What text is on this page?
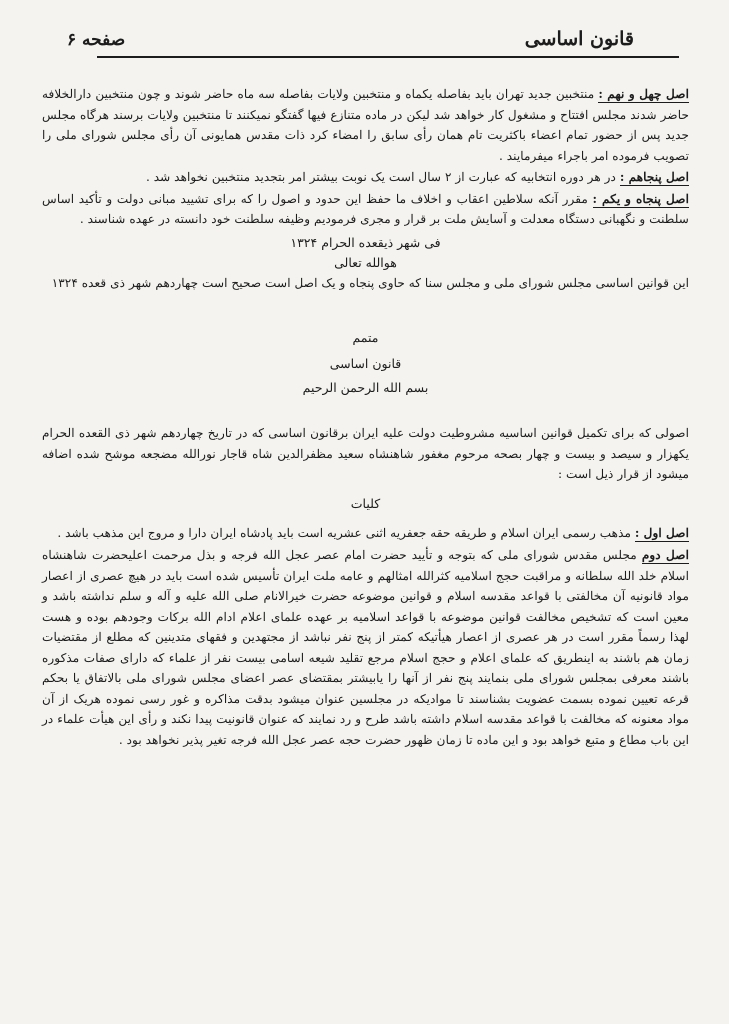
قانون اساسی
صفحه ۶

اصل چهل و نهم : منتخبین جدید تهران باید بفاصله یکماه و منتخبین ولایات بفاصله سه ماه حاضر شوند و چون منتخبین دارالخلافه حاضر شدند مجلس افتتاح و مشغول کار خواهد شد لیکن در ماده متنازع فیها گفتگو نمیکنند تا منتخبین ولایات برسند هرگاه مجلس جدید پس از حضور تمام اعضاء باکثریت تام همان رأی سابق را امضاء کرد ذات مقدس همایونی آن رأی مجلس شورای ملی را تصویب فرموده امر باجراء میفرمایند .

اصل پنجاهم : در هر دوره انتخابیه که عبارت از ۲ سال است یک نوبت بیشتر امر بتجدید منتخبین نخواهد شد .

اصل پنجاه و یکم : مقرر آنکه سلاطین اعقاب و اخلاف ما حفظ این حدود و اصول را که برای تشیید مبانی دولت و تأکید اساس سلطنت و نگهبانی دستگاه معدلت و آسایش ملت بر قرار و مجری فرمودیم وظیفه سلطنت خود دانسته در عهده شناسند .

فی شهر ذیقعده الحرام ۱۳۲۴

هوالله تعالی

این قوانین اساسی مجلس شورای ملی و مجلس سنا که حاوی پنجاه و یک اصل است صحیح است چهاردهم شهر ذی قعده ۱۳۲۴

متمم

قانون اساسی

بسم الله الرحمن الرحیم

اصولی که برای تکمیل قوانین اساسیه مشروطیت دولت علیه ایران برقانون اساسی که در تاریخ چهاردهم شهر ذی القعده الحرام یکهزار و سیصد و بیست و چهار بصحه مرحوم مغفور شاهنشاه سعید مظفرالدین شاه قاجار نورالله مضجعه موشح شده اضافه میشود از قرار ذیل است :

کلیات

اصل اول : مذهب رسمی ایران اسلام و طریقه حقه جعفریه اثنی عشریه است باید پادشاه ایران دارا و مروج این مذهب باشد .

اصل دوم مجلس مقدس شورای ملی که بتوجه و تأیید حضرت امام عصر عجل الله فرجه و بذل مرحمت اعلیحضرت شاهنشاه اسلام خلد الله سلطانه و مراقبت حجج اسلامیه کثرالله امثالهم و عامه ملت ایران تأسیس شده است باید در هیچ عصری از اعصار مواد قانونیه آن مخالفتی با قواعد مقدسه اسلام و قوانین موضوعه حضرت خیرالانام صلی الله علیه و آله و سلم نداشته باشد و معین است که تشخیص مخالفت قوانین موضوعه با قواعد اسلامیه بر عهده علمای اعلام ادام الله برکات وجودهم بوده و هست لهذا رسماً مقرر است در هر عصری از اعصار هیأتیکه کمتر از پنج نفر نباشد از مجتهدین و فقهای متدینین که مطلع از مقتضیات زمان هم باشند به اینطریق که علمای اعلام و حجج اسلام مرجع تقلید شیعه اسامی بیست نفر از علماء که دارای صفات مذکوره باشند معرفی بمجلس شورای ملی بنمایند پنج نفر از آنها را یابیشتر بمقتضای عصر اعضای مجلس شورای ملی بالاتفاق یا بحکم قرعه تعیین نموده بسمت عضویت بشناسند تا موادیکه در مجلسین عنوان میشود بدقت مذاکره و غور رسی نموده هریک از آن مواد معنونه که مخالفت با قواعد مقدسه اسلام داشته باشد طرح و رد نمایند که عنوان قانونیت پیدا نکند و رأی این هیأت علماء در این باب مطاع و متبع خواهد بود و این ماده تا زمان ظهور حضرت حجه عصر عجل الله فرجه تغیر پذیر نخواهد بود .
